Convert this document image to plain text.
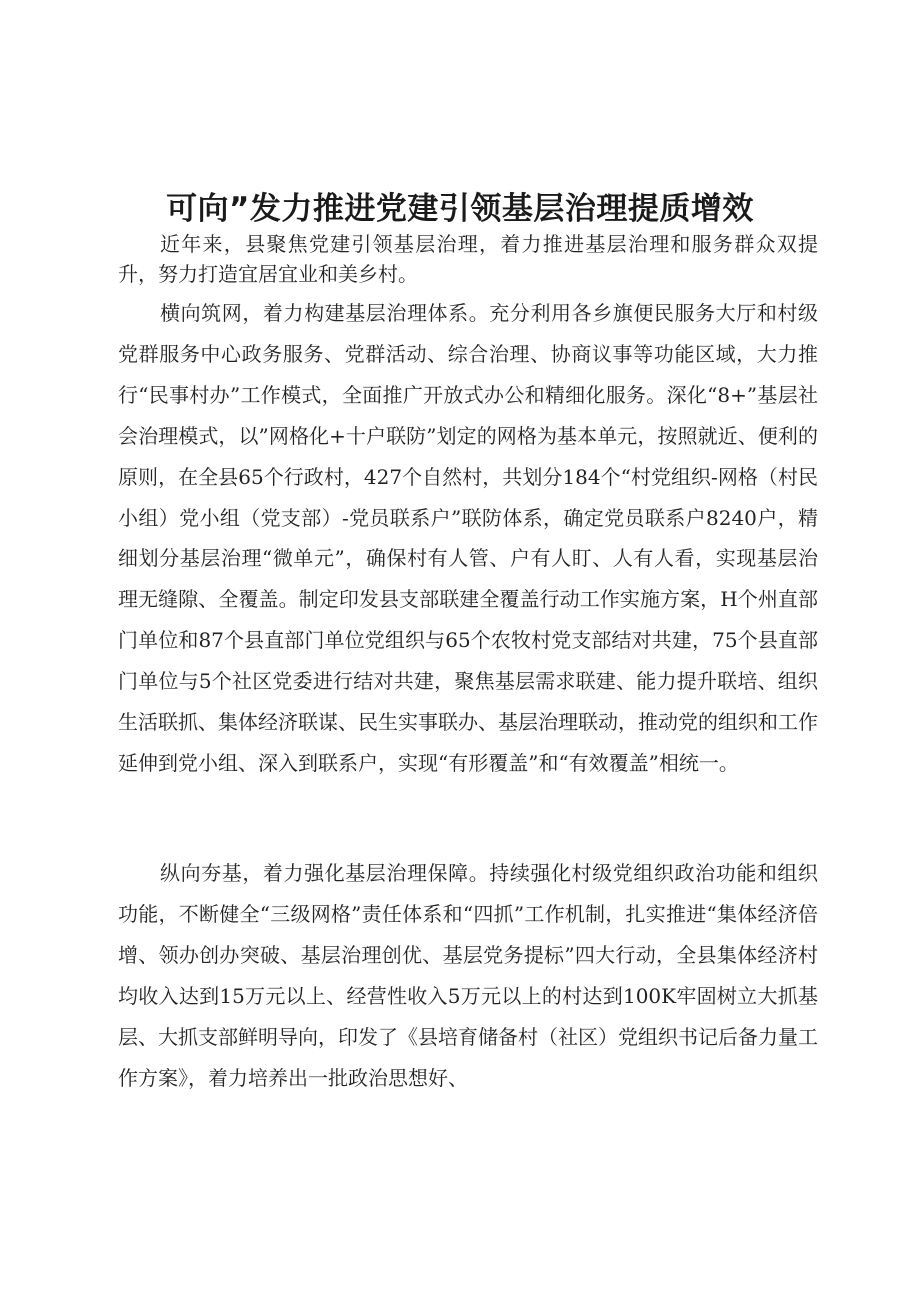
可向”发力推进党建引领基层治理提质增效

近年来，县聚焦党建引领基层治理，着力推进基层治理和服务群众双提升，努力打造宜居宜业和美乡村。

横向筑网，着力构建基层治理体系。充分利用各乡旗便民服务大厅和村级党群服务中心政务服务、党群活动、综合治理、协商议事等功能区域，大力推行“民事村办”工作模式，全面推广开放式办公和精细化服务。深化“8+”基层社会治理模式，以”网格化+十户联防”划定的网格为基本单元，按照就近、便利的原则，在全县65个行政村，427个自然村，共划分184个“村党组织-网格（村民小组）党小组（党支部）-党员联系户”联防体系，确定党员联系户8240户，精细划分基层治理“微单元”，确保村有人管、户有人盯、人有人看，实现基层治理无缝隙、全覆盖。制定印发县支部联建全覆盖行动工作实施方案，H个州直部门单位和87个县直部门单位党组织与65个农牧村党支部结对共建，75个县直部门单位与5个社区党委进行结对共建，聚焦基层需求联建、能力提升联培、组织生活联抓、集体经济联谋、民生实事联办、基层治理联动，推动党的组织和工作延伸到党小组、深入到联系户，实现“有形覆盖”和“有效覆盖”相统一。

纵向夯基，着力强化基层治理保障。持续强化村级党组织政治功能和组织功能，不断健全“三级网格”责任体系和“四抓”工作机制，扎实推进“集体经济倍增、领办创办突破、基层治理创优、基层党务提标”四大行动，全县集体经济村均收入达到15万元以上、经营性收入5万元以上的村达到100K牢固树立大抓基层、大抓支部鲜明导向，印发了《县培育储备村（社区）党组织书记后备力量工作方案》，着力培养出一批政治思想好、
